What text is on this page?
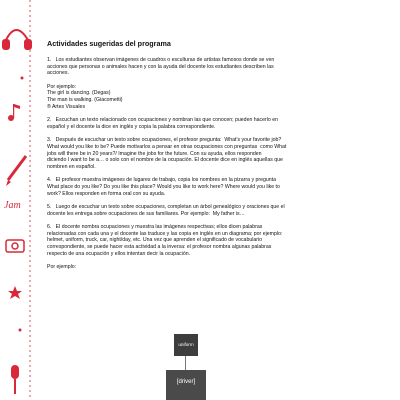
Jam
Actividades sugeridas del programa
1.   Los estudiantes observan imágenes de cuadros o esculturas de artistas famosos donde se ven
acciones que personas o animales hacen y con la ayuda del docente los estudiantes describen las
acciones.
Por ejemplo:
The girl is dancing. (Degas)
The man is walking. (Giacometti)
® Artes Visuales
2.   Escuchan un texto relacionado con ocupaciones y nombran las que conocen; pueden hacerlo en
español y el docente la dice en inglés y copia la palabra correspondiente.
3.   Después de escuchar un texto sobre ocupaciones, el profesor pregunta:  What's your favorite job?
What would you like to be? Puede motivarlos a pensar en otras ocupaciones con preguntas  como What
jobs will there be in 20 years?/ Imagine the jobs for the future. Con su ayuda, ellos responden
diciendo I want to be a… o solo con el nombre de la ocupación. El docente dice en inglés aquellas que
nombren en español.
4.   El profesor muestra imágenes de lugares de trabajo, copia los nombres en la pizarra y pregunta
What place do you like? Do you like this place? Would you like to work here? Where would you like to
work? Ellos responden en forma oral con su ayuda.
5.   Luego de escuchar un texto sobre ocupaciones, completan un árbol genealógico y oraciones que el
docente les entrega sobre ocupaciones de sus familiares. Por ejemplo:  My father is…
6.   El docente nombra ocupaciones y muestra las imágenes respectivas; ellos dicen palabras
relacionadas con cada una y el docente las traduce y las copia en inglés en un diagrama; por ejemplo:
helmet, uniform, truck, car, night/day, etc. Una vez que aprenden el significado de vocabulario
correspondiente, se puede hacer esta actividad a la inversa: el profesor nombra algunas palabras
respecto de una ocupación y ellos intentan decir la ocupación.
Por ejemplo:
uniform
[driver]
